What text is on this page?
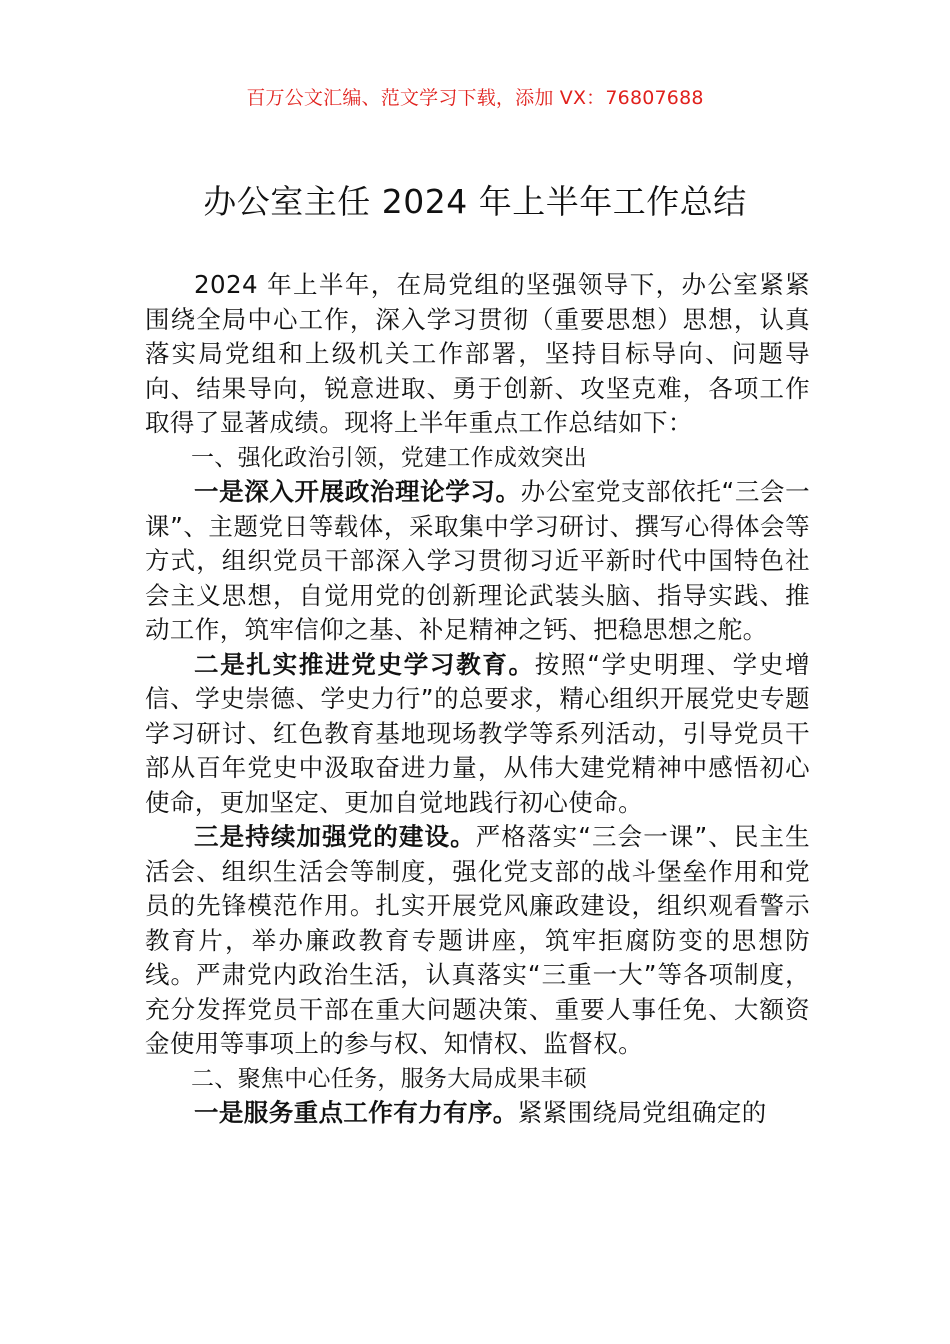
百万公文汇编、范文学习下载，添加 VX：76807688
办公室主任 2024 年上半年工作总结

2024 年上半年，在局党组的坚强领导下，办公室紧紧围绕全局中心工作，深入学习贯彻（重要思想）思想，认真落实局党组和上级机关工作部署，坚持目标导向、问题导向、结果导向，锐意进取、勇于创新、攻坚克难，各项工作取得了显著成绩。现将上半年重点工作总结如下：

一、强化政治引领，党建工作成效突出

一是深入开展政治理论学习。办公室党支部依托“三会一课”、主题党日等载体，采取集中学习研讨、撰写心得体会等方式，组织党员干部深入学习贯彻习近平新时代中国特色社会主义思想，自觉用党的创新理论武装头脑、指导实践、推动工作，筑牢信仰之基、补足精神之钙、把稳思想之舵。

二是扎实推进党史学习教育。按照“学史明理、学史增信、学史崇德、学史力行”的总要求，精心组织开展党史专题学习研讨、红色教育基地现场教学等系列活动，引导党员干部从百年党史中汲取奋进力量，从伟大建党精神中感悟初心使命，更加坚定、更加自觉地践行初心使命。

三是持续加强党的建设。严格落实“三会一课”、民主生活会、组织生活会等制度，强化党支部的战斗堡垒作用和党员的先锋模范作用。扎实开展党风廉政建设，组织观看警示教育片，举办廉政教育专题讲座，筑牢拒腐防变的思想防线。严肃党内政治生活，认真落实“三重一大”等各项制度，充分发挥党员干部在重大问题决策、重要人事任免、大额资金使用等事项上的参与权、知情权、监督权。

二、聚焦中心任务，服务大局成果丰硕

一是服务重点工作有力有序。紧紧围绕局党组确定的
